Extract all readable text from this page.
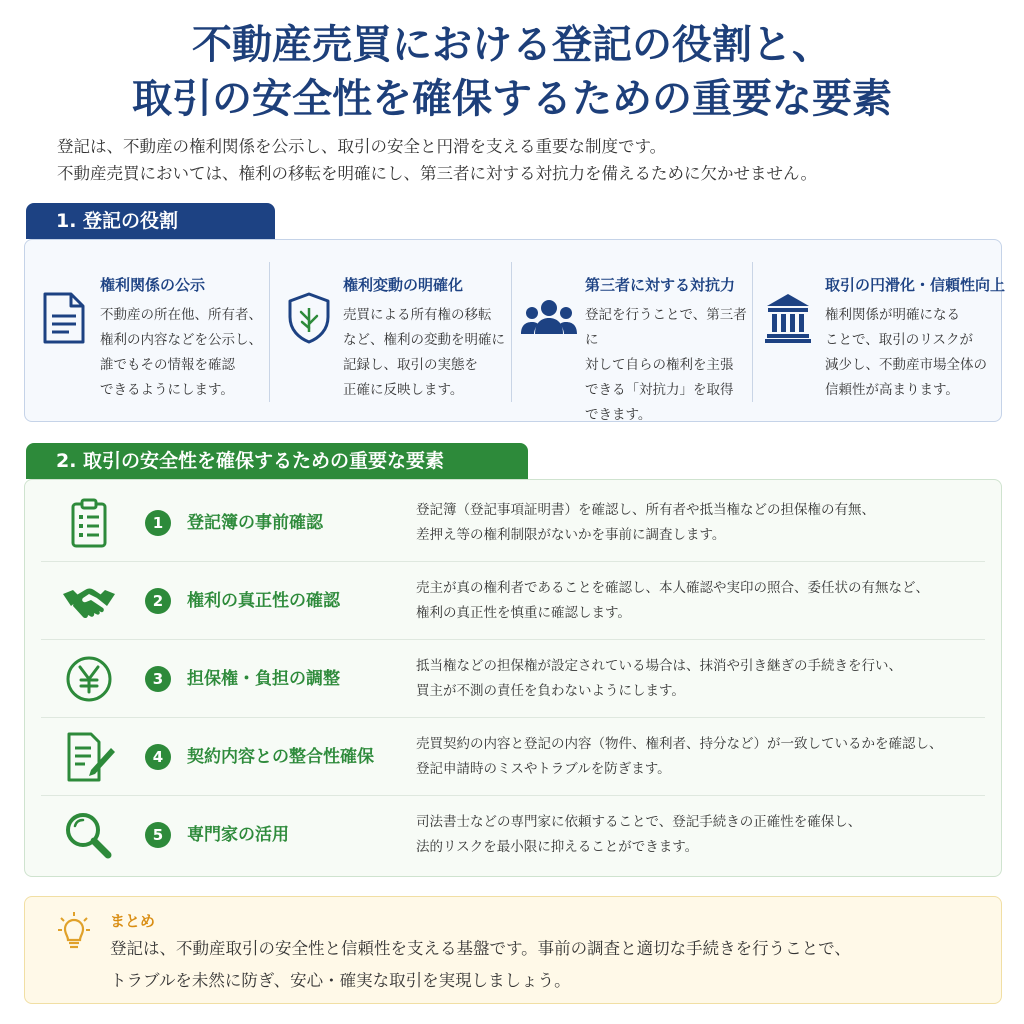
不動産売買における登記の役割と、
取引の安全性を確保するための重要な要素
登記は、不動産の権利関係を公示し、取引の安全と円滑を支える重要な制度です。
不動産売買においては、権利の移転を明確にし、第三者に対する対抗力を備えるために欠かせません。
1. 登記の役割
権利関係の公示
不動産の所在他、所有者、
権利の内容などを公示し、
誰でもその情報を確認
できるようにします。
権利変動の明確化
売買による所有権の移転
など、権利の変動を明確に
記録し、取引の実態を
正確に反映します。
第三者に対する対抗力
登記を行うことで、第三者に
対して自らの権利を主張
できる「対抗力」を取得
できます。
取引の円滑化・信頼性向上
権利関係が明確になる
ことで、取引のリスクが
減少し、不動産市場全体の
信頼性が高まります。
2. 取引の安全性を確保するための重要な要素
1	登記簿の事前確認
登記簿（登記事項証明書）を確認し、所有者や抵当権などの担保権の有無、
差押え等の権利制限がないかを事前に調査します。
2	権利の真正性の確認
売主が真の権利者であることを確認し、本人確認や実印の照合、委任状の有無など、
権利の真正性を慎重に確認します。
3	担保権・負担の調整
抵当権などの担保権が設定されている場合は、抹消や引き継ぎの手続きを行い、
買主が不測の責任を負わないようにします。
4	契約内容との整合性確保
売買契約の内容と登記の内容（物件、権利者、持分など）が一致しているかを確認し、
登記申請時のミスやトラブルを防ぎます。
5	専門家の活用
司法書士などの専門家に依頼することで、登記手続きの正確性を確保し、
法的リスクを最小限に抑えることができます。
まとめ
登記は、不動産取引の安全性と信頼性を支える基盤です。事前の調査と適切な手続きを行うことで、
トラブルを未然に防ぎ、安心・確実な取引を実現しましょう。
